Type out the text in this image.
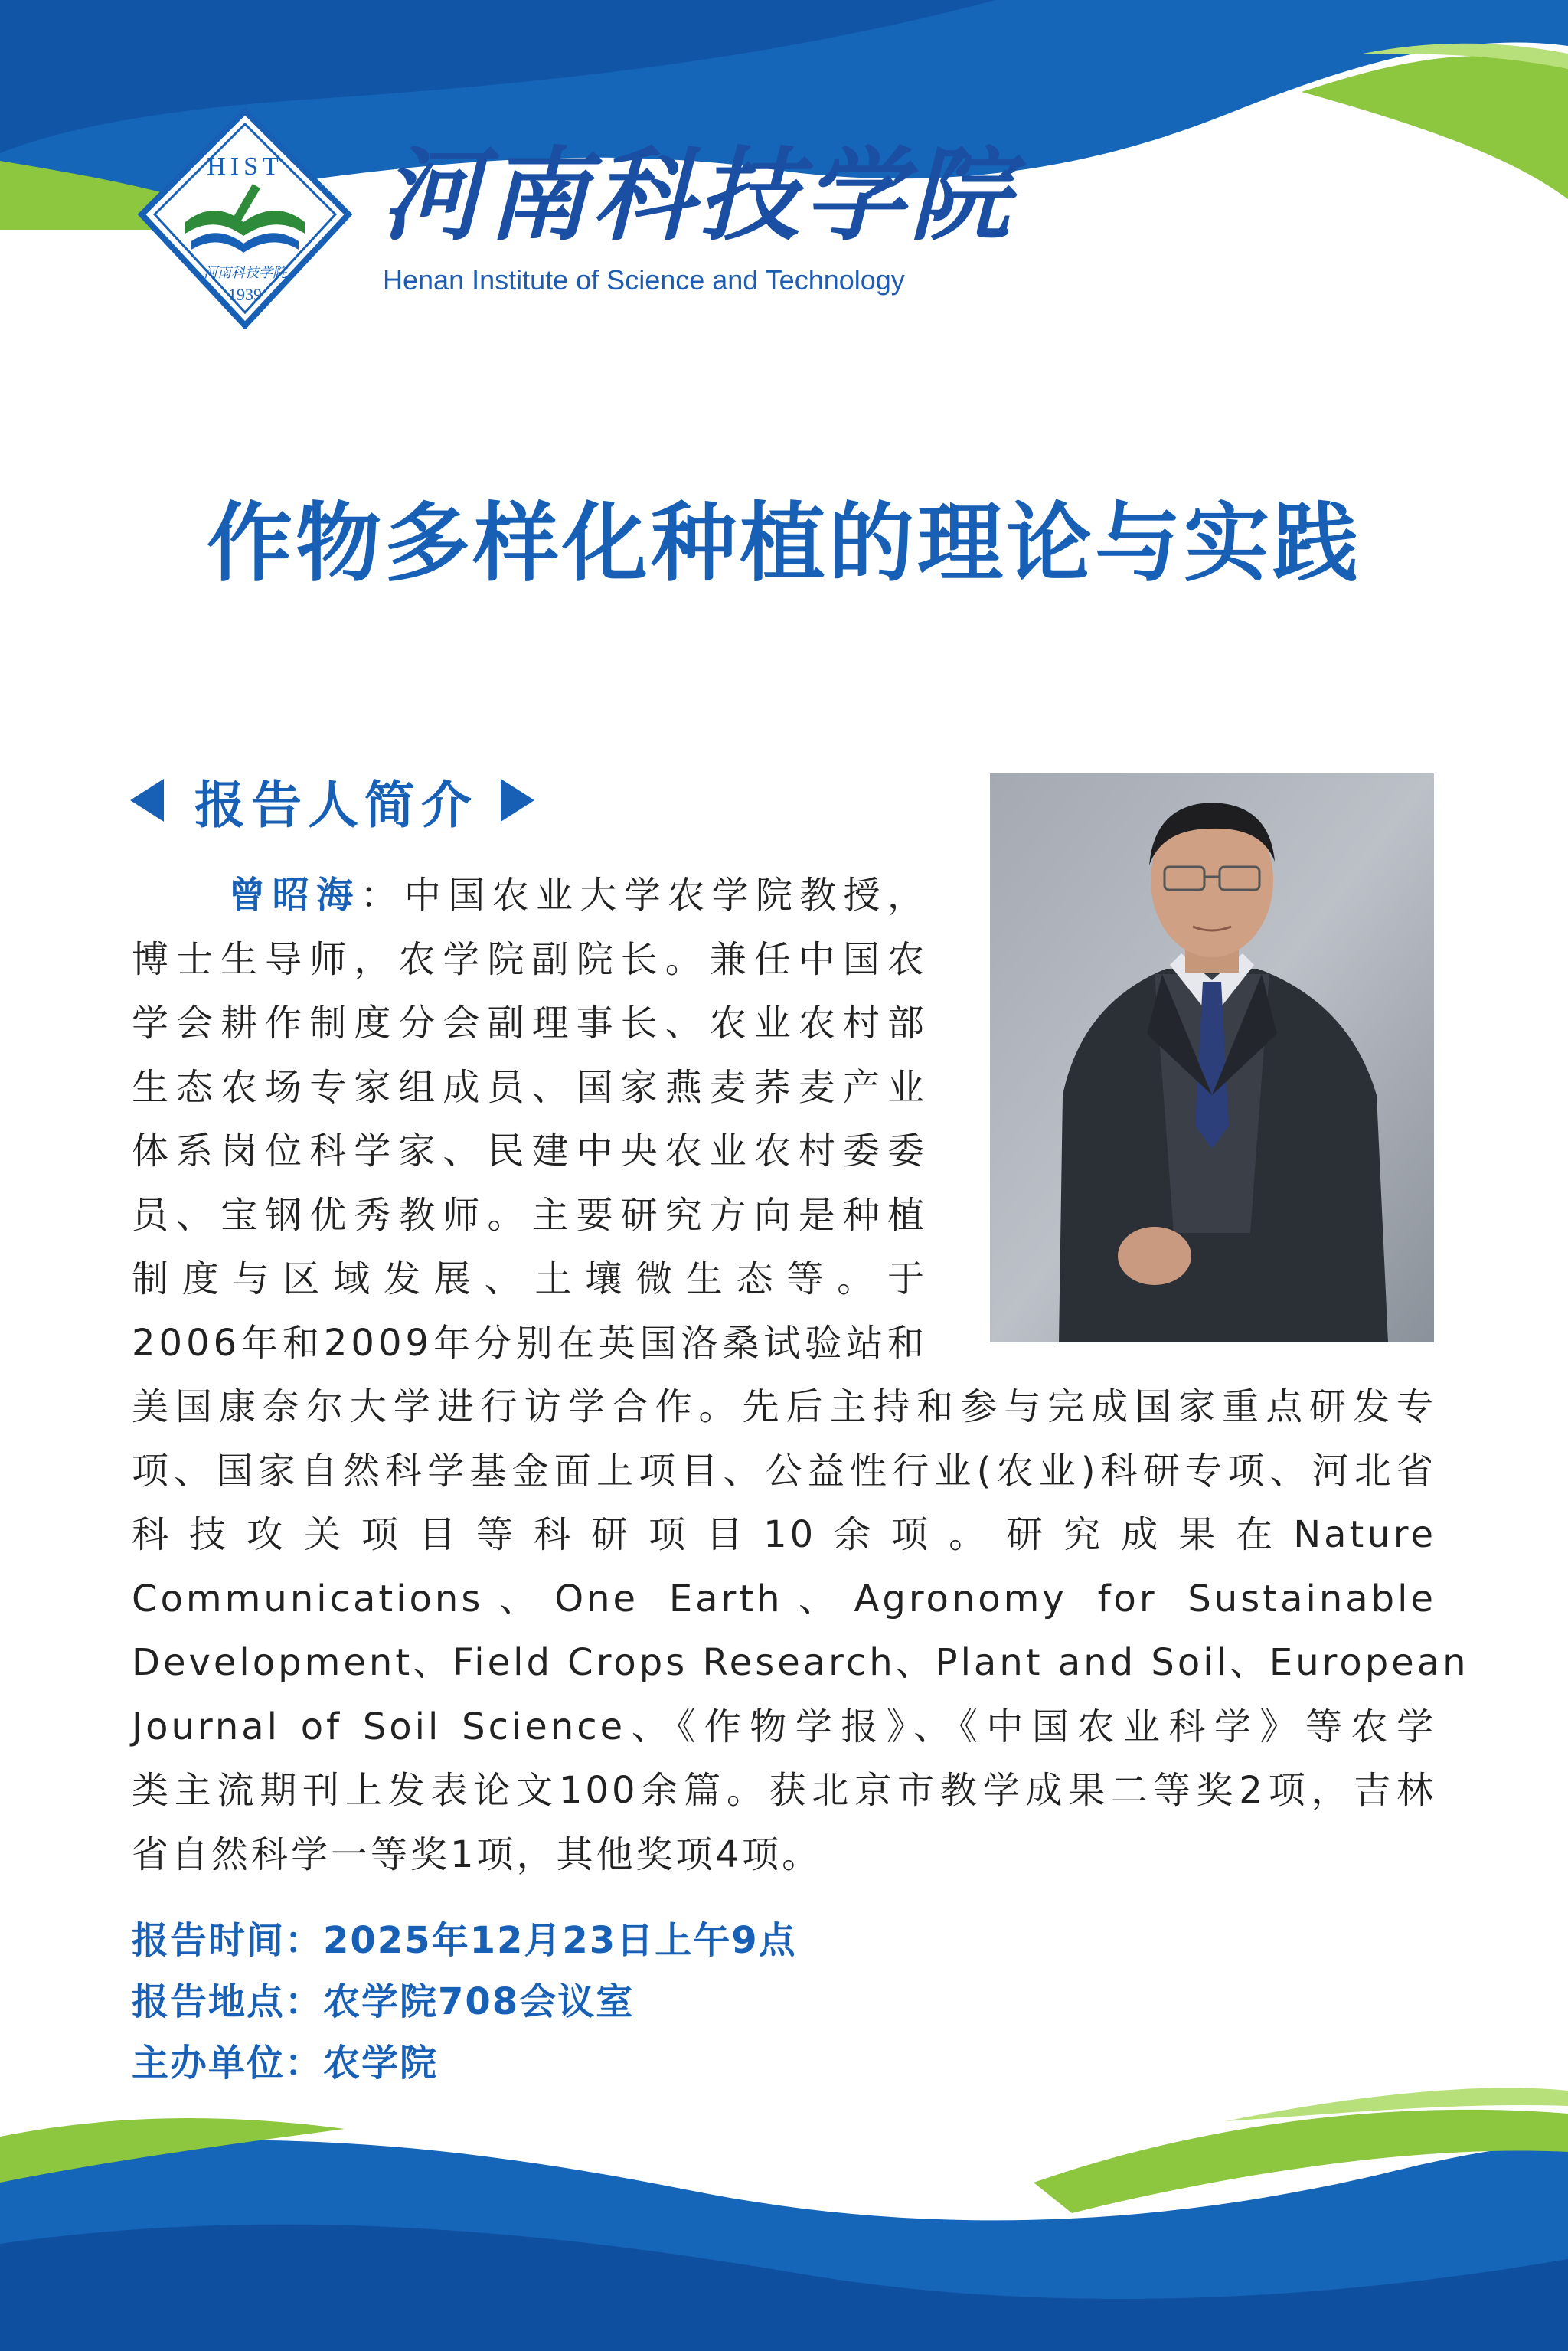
HIST
河南科技学院
1939
河南科技学院
Henan Institute of Science and Technology
作物多样化种植的理论与实践
报告人简介
曾昭海：中国农业大学农学院教授，
博士生导师，农学院副院长。兼任中国农
学会耕作制度分会副理事长、农业农村部
生态农场专家组成员、国家燕麦荞麦产业
体系岗位科学家、民建中央农业农村委委
员、宝钢优秀教师。主要研究方向是种植
制度与区域发展、土壤微生态等。于
2006年和2009年分别在英国洛桑试验站和
美国康奈尔大学进行访学合作。先后主持和参与完成国家重点研发专
项、国家自然科学基金面上项目、公益性行业(农业)科研专项、河北省
科技攻关项目等科研项目10余项。研究成果在Nature
Communications、One Earth、Agronomy for Sustainable
Development、Field Crops Research、Plant and Soil、European
Journal of Soil Science、《作物学报》、《中国农业科学》等农学
类主流期刊上发表论文100余篇。获北京市教学成果二等奖2项，吉林
省自然科学一等奖1项，其他奖项4项。
报告时间：2025年12月23日上午9点
报告地点：农学院708会议室
主办单位：农学院
